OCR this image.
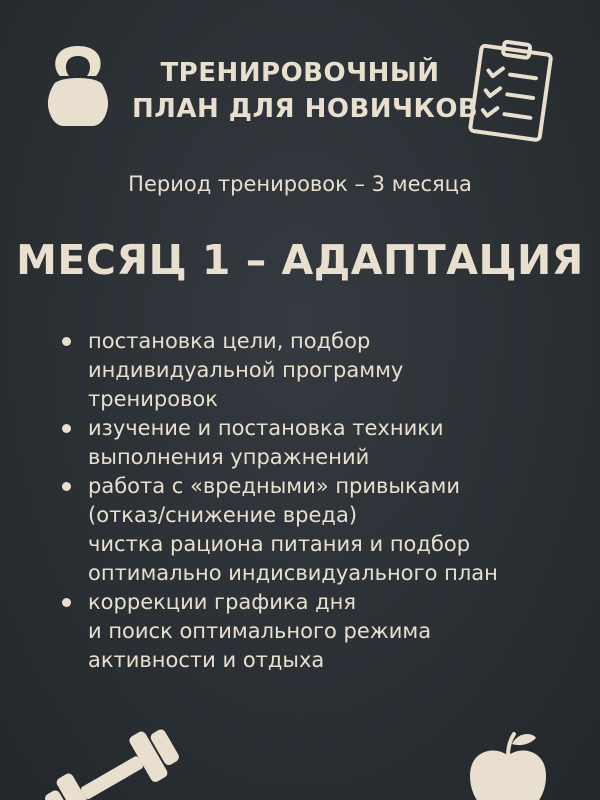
ТРЕНИРОВОЧНЫЙ
ПЛАН ДЛЯ НОВИЧКОВ
Период тренировок – 3 месяца
МЕСЯЦ 1 – АДАПТАЦИЯ
постановка цели, подбор
индивидуальной программу
тренировок
изучение и постановка техники
выполнения упражнений
работа с «вредными» привыками
(отказ/снижение вреда)
чистка рациона питания и подбор
оптимально индисвидуального план
коррекции графика дня
и поиск оптимального режима
активности и отдыха
